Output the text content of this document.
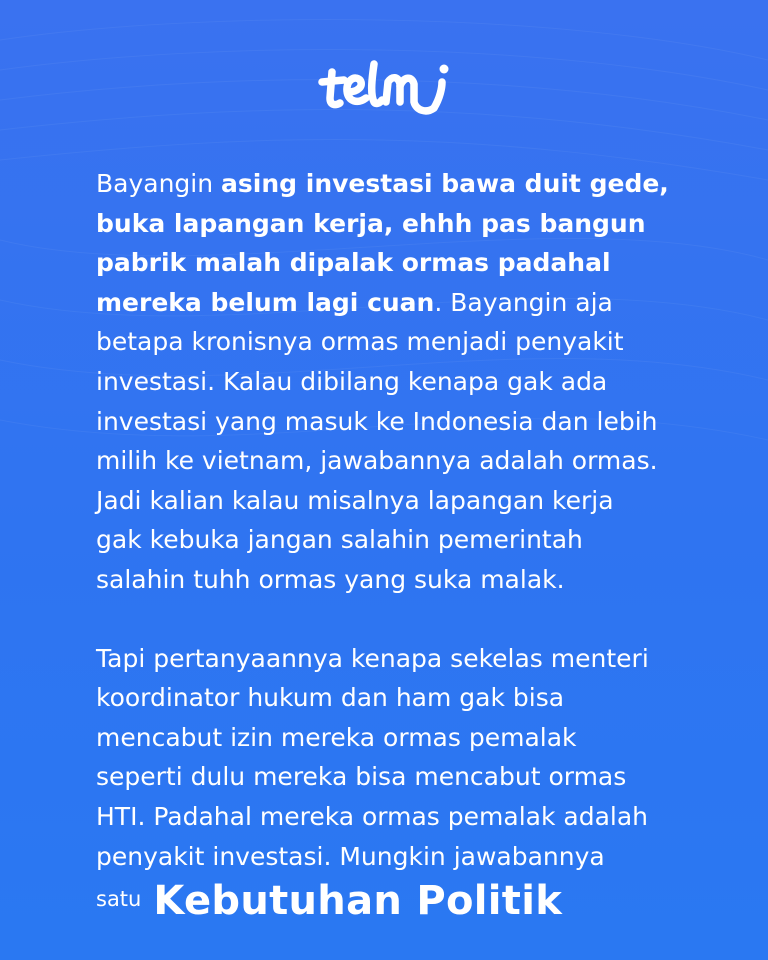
Bayangin asing investasi bawa duit gede,
buka lapangan kerja, ehhh pas bangun
pabrik malah dipalak ormas padahal
mereka belum lagi cuan. Bayangin aja
betapa kronisnya ormas menjadi penyakit
investasi. Kalau dibilang kenapa gak ada
investasi yang masuk ke Indonesia dan lebih
milih ke vietnam, jawabannya adalah ormas.
Jadi kalian kalau misalnya lapangan kerja
gak kebuka jangan salahin pemerintah
salahin tuhh ormas yang suka malak.
Tapi pertanyaannya kenapa sekelas menteri
koordinator hukum dan ham gak bisa
mencabut izin mereka ormas pemalak
seperti dulu mereka bisa mencabut ormas
HTI. Padahal mereka ormas pemalak adalah
penyakit investasi. Mungkin jawabannya
$^{satu}$ Kebutuhan Politik
